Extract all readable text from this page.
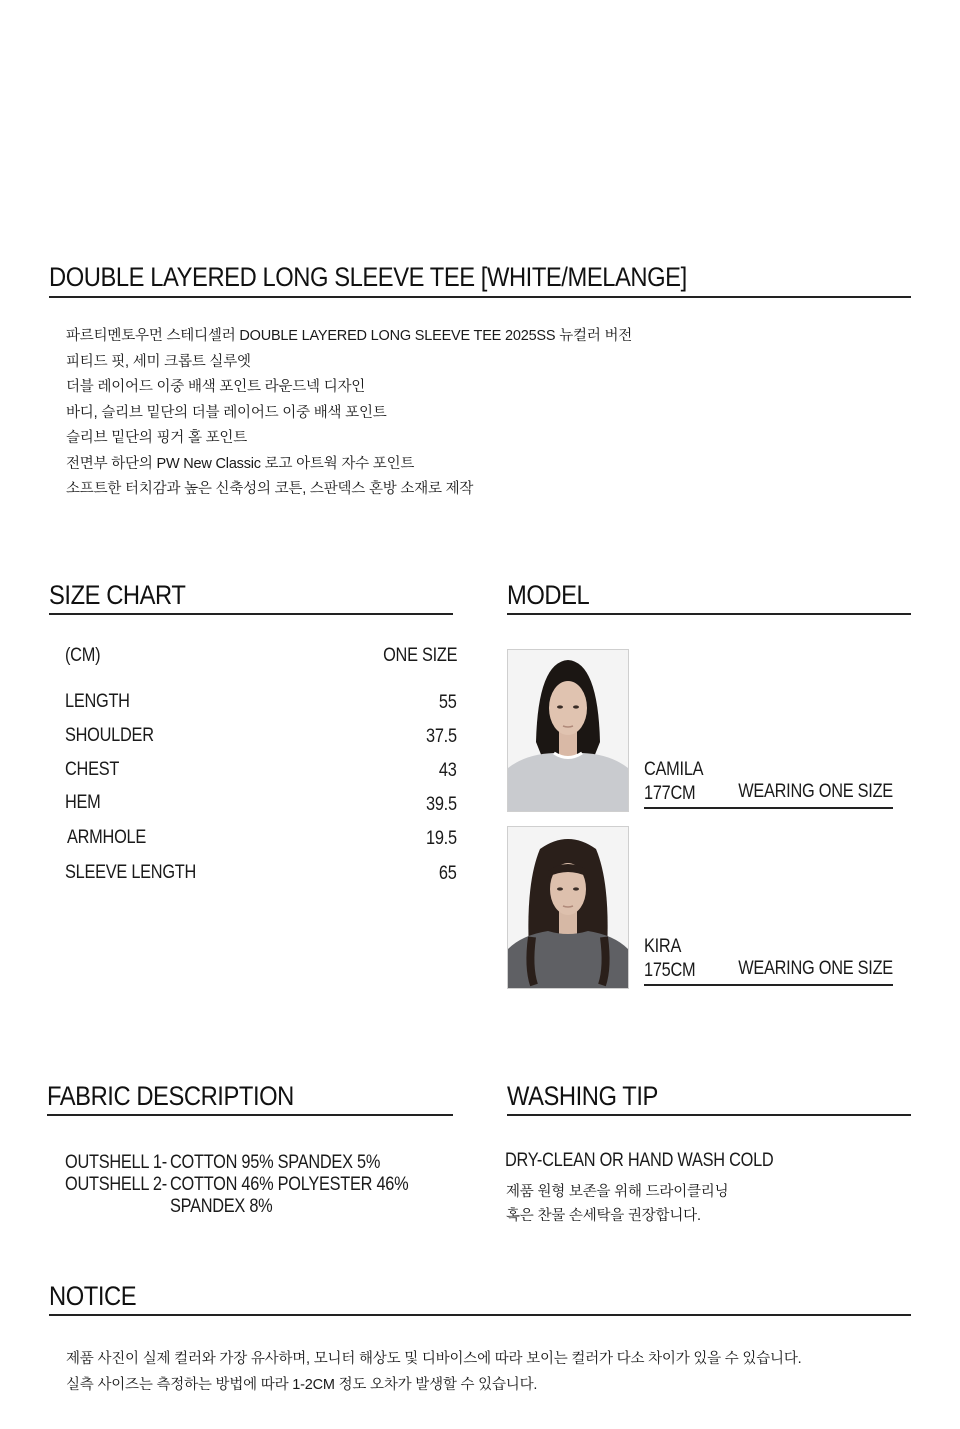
DOUBLE LAYERED LONG SLEEVE TEE [WHITE/MELANGE]
파르티멘토우먼 스테디셀러 DOUBLE LAYERED LONG SLEEVE TEE 2025SS 뉴컬러 버전
피티드 핏, 세미 크롭트 실루엣
더블 레이어드 이중 배색 포인트 라운드넥 디자인
바디, 슬리브 밑단의 더블 레이어드 이중 배색 포인트
슬리브 밑단의 핑거 홀 포인트
전면부 하단의 PW New Classic 로고 아트웍 자수 포인트
소프트한 터치감과 높은 신축성의 코튼, 스판덱스 혼방 소재로 제작
SIZE CHART
(CM)	ONE SIZE
LENGTH	55
SHOULDER	37.5
CHEST	43
HEM	39.5
ARMHOLE	19.5
SLEEVE LENGTH	65
MODEL
CAMILA
177CM WEARING ONE SIZE
KIRA
175CM WEARING ONE SIZE
FABRIC DESCRIPTION
OUTSHELL 1- COTTON 95% SPANDEX 5%
OUTSHELL 2- COTTON 46% POLYESTER 46%
SPANDEX 8%
WASHING TIP
DRY-CLEAN OR HAND WASH COLD
제품 원형 보존을 위해 드라이클리닝
혹은 찬물 손세탁을 권장합니다.
NOTICE
제품 사진이 실제 컬러와 가장 유사하며, 모니터 해상도 및 디바이스에 따라 보이는 컬러가 다소 차이가 있을 수 있습니다.
실측 사이즈는 측정하는 방법에 따라 1-2CM 정도 오차가 발생할 수 있습니다.
